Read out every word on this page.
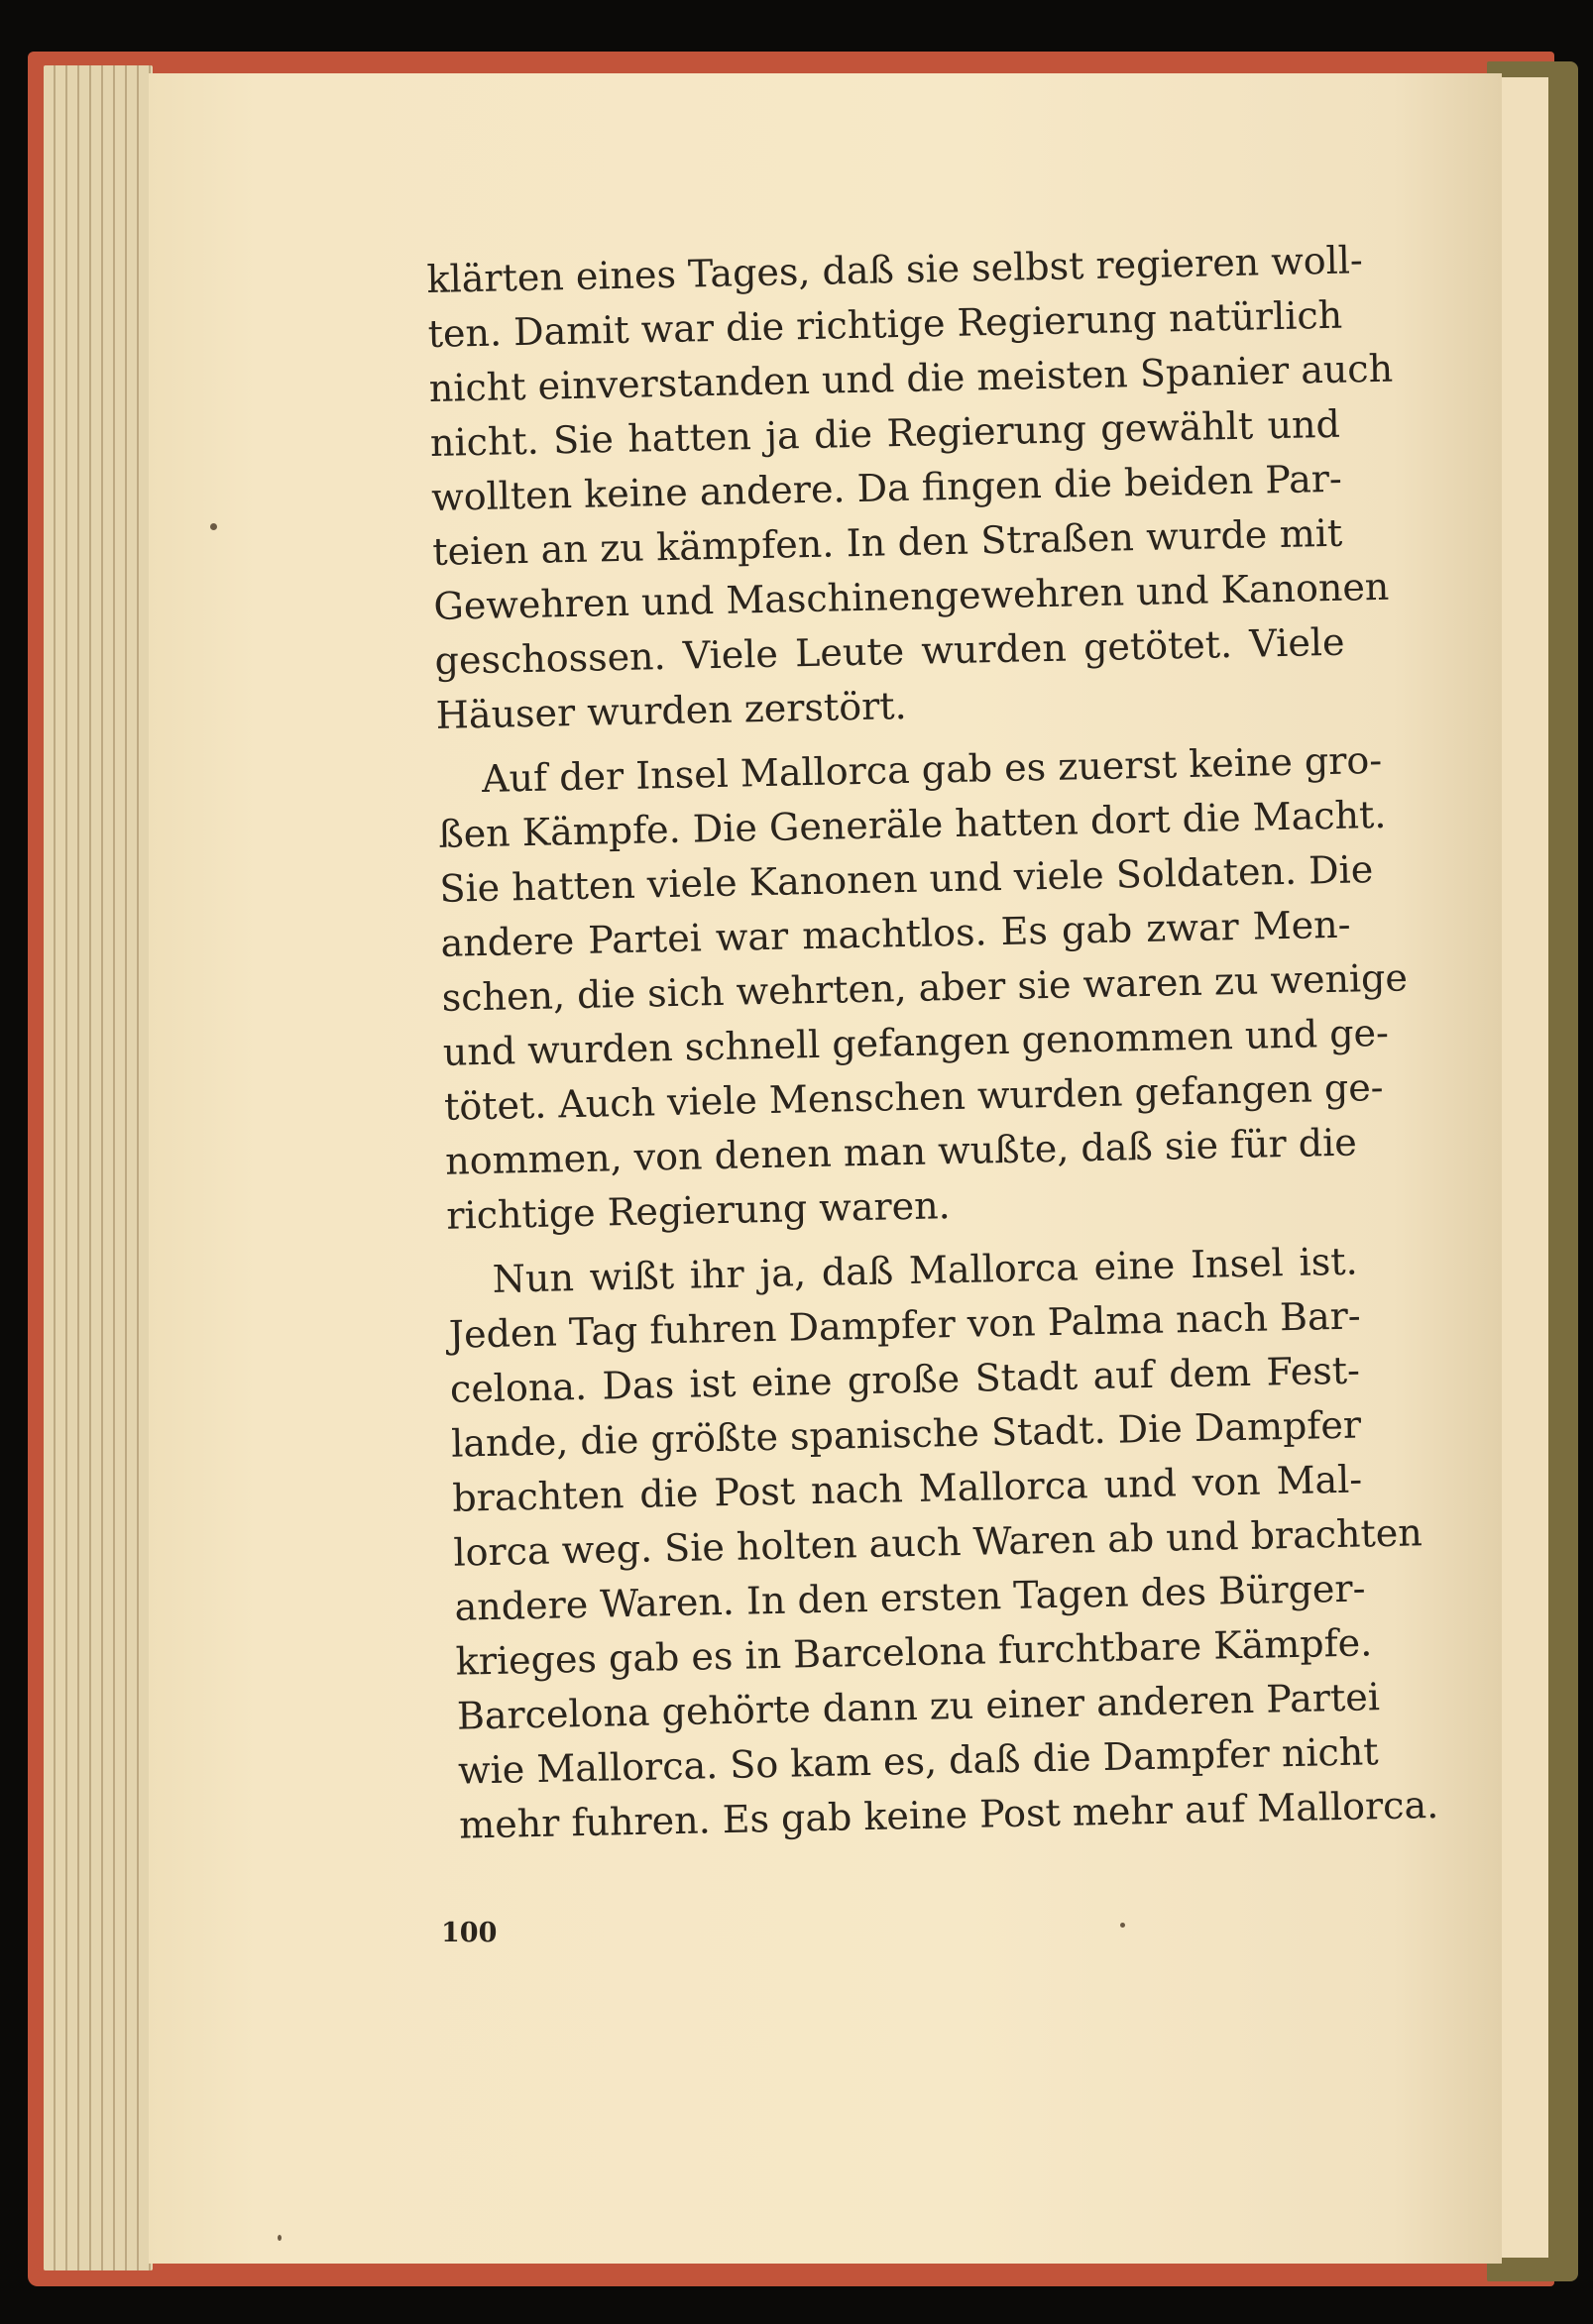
klärten eines Tages, daß sie selbst regieren woll-
ten. Damit war die richtige Regierung natürlich
nicht einverstanden und die meisten Spanier auch
nicht. Sie hatten ja die Regierung gewählt und
wollten keine andere. Da fingen die beiden Par-
teien an zu kämpfen. In den Straßen wurde mit
Gewehren und Maschinengewehren und Kanonen
geschossen. Viele Leute wurden getötet. Viele
Häuser wurden zerstört.
Auf der Insel Mallorca gab es zuerst keine gro-
ßen Kämpfe. Die Generäle hatten dort die Macht.
Sie hatten viele Kanonen und viele Soldaten. Die
andere Partei war machtlos. Es gab zwar Men-
schen, die sich wehrten, aber sie waren zu wenige
und wurden schnell gefangen genommen und ge-
tötet. Auch viele Menschen wurden gefangen ge-
nommen, von denen man wußte, daß sie für die
richtige Regierung waren.
Nun wißt ihr ja, daß Mallorca eine Insel ist.
Jeden Tag fuhren Dampfer von Palma nach Bar-
celona. Das ist eine große Stadt auf dem Fest-
lande, die größte spanische Stadt. Die Dampfer
brachten die Post nach Mallorca und von Mal-
lorca weg. Sie holten auch Waren ab und brachten
andere Waren. In den ersten Tagen des Bürger-
krieges gab es in Barcelona furchtbare Kämpfe.
Barcelona gehörte dann zu einer anderen Partei
wie Mallorca. So kam es, daß die Dampfer nicht
mehr fuhren. Es gab keine Post mehr auf Mallorca.
100
